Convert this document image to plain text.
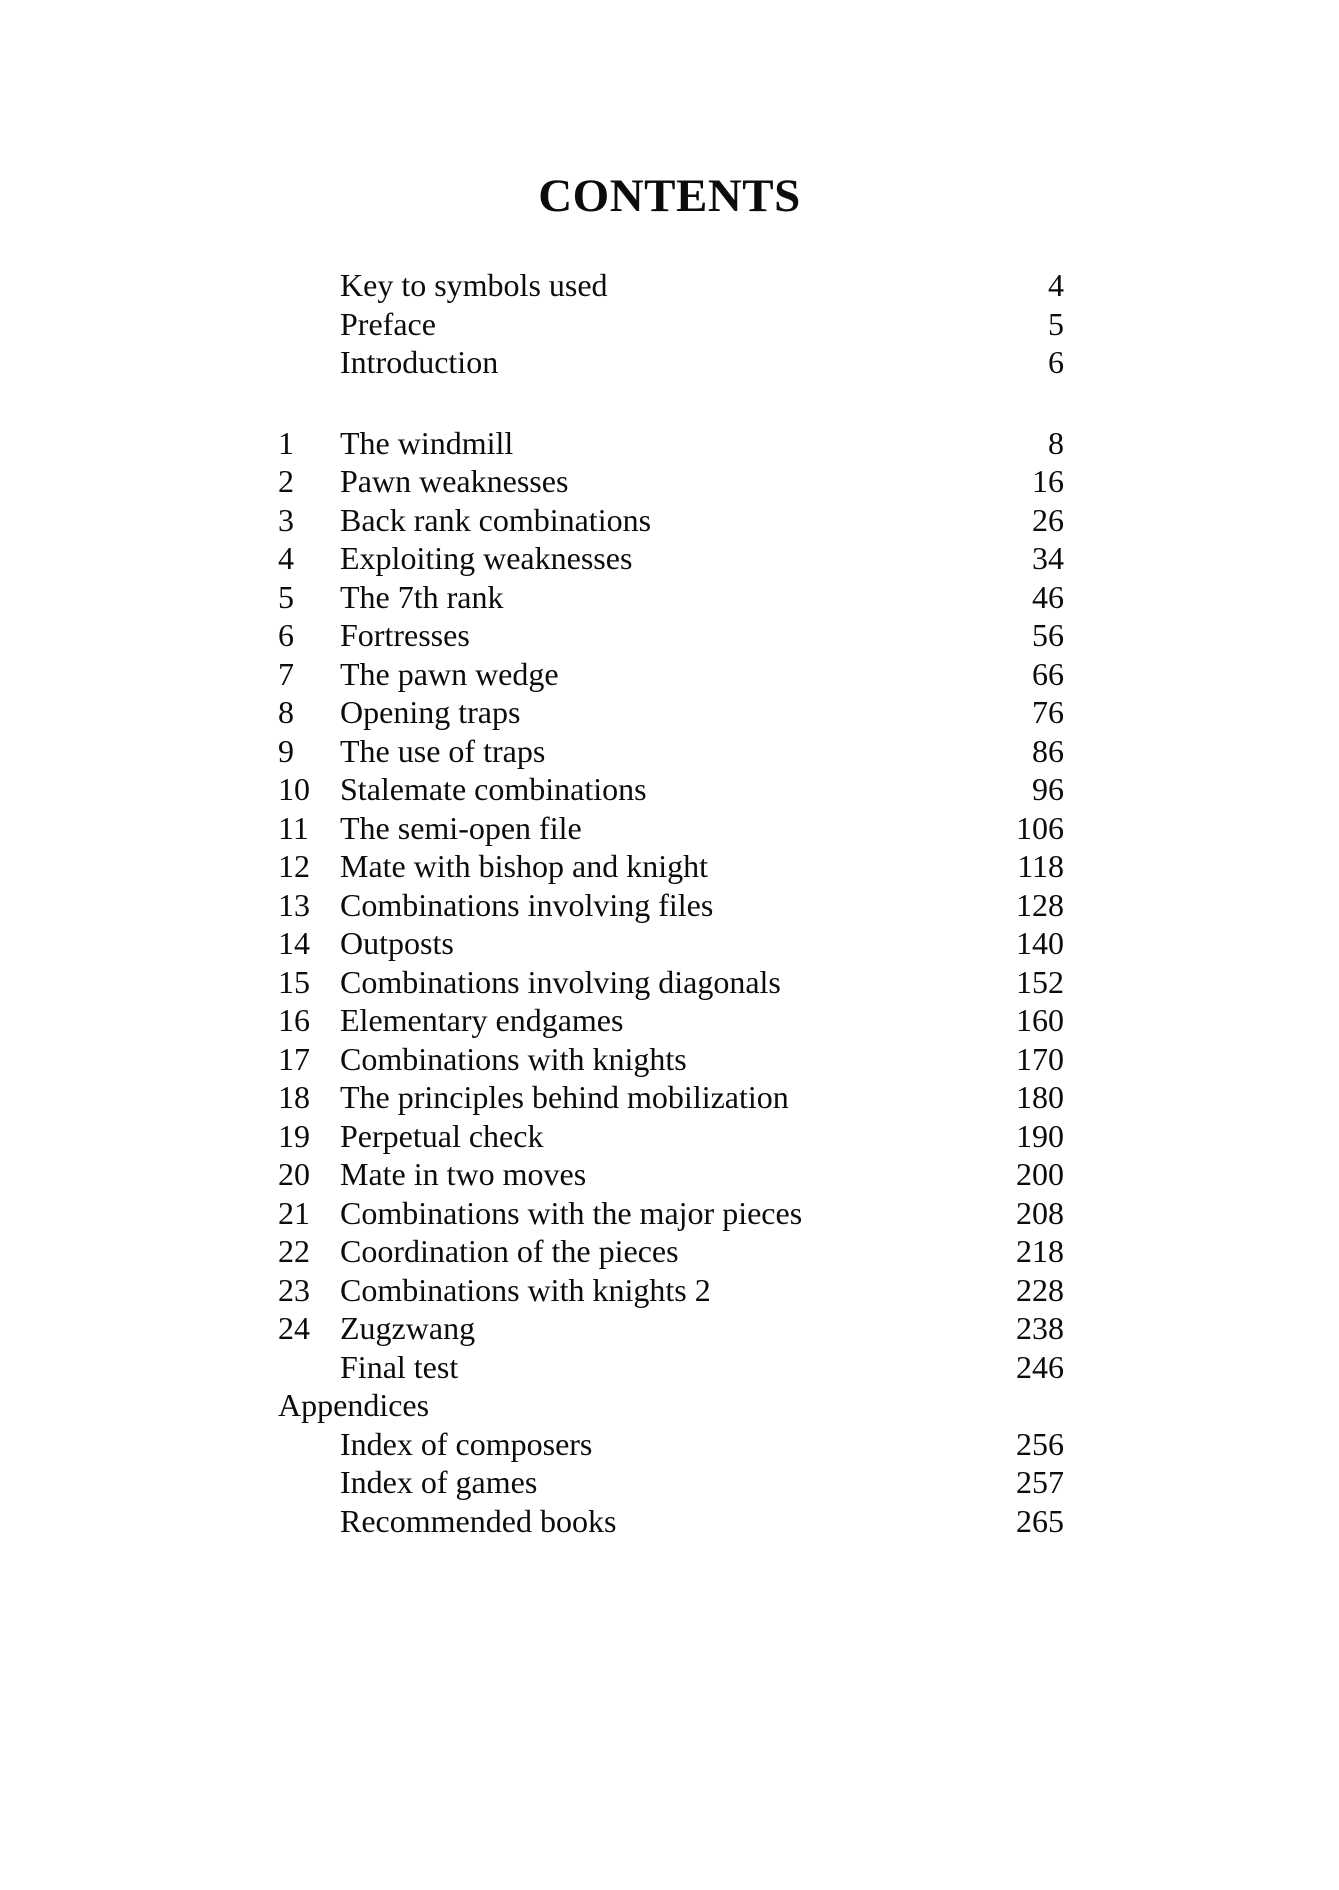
CONTENTS
Key to symbols used	4
Preface	5
Introduction	6
1	The windmill	8
2	Pawn weaknesses	16
3	Back rank combinations	26
4	Exploiting weaknesses	34
5	The 7th rank	46
6	Fortresses	56
7	The pawn wedge	66
8	Opening traps	76
9	The use of traps	86
10 Stalemate combinations	96
11 The semi-open file	106
12 Mate with bishop and knight	118
13 Combinations involving files	128
14 Outposts	140
15 Combinations involving diagonals	152
16 Elementary endgames	160
17 Combinations with knights	170
18 The principles behind mobilization	180
19 Perpetual check	190
20 Mate in two moves	200
21 Combinations with the major pieces	208
22 Coordination of the pieces	218
23 Combinations with knights 2	228
24 Zugzwang	238
Final test	246
Appendices
Index of composers	256
Index of games	257
Recommended books	265
